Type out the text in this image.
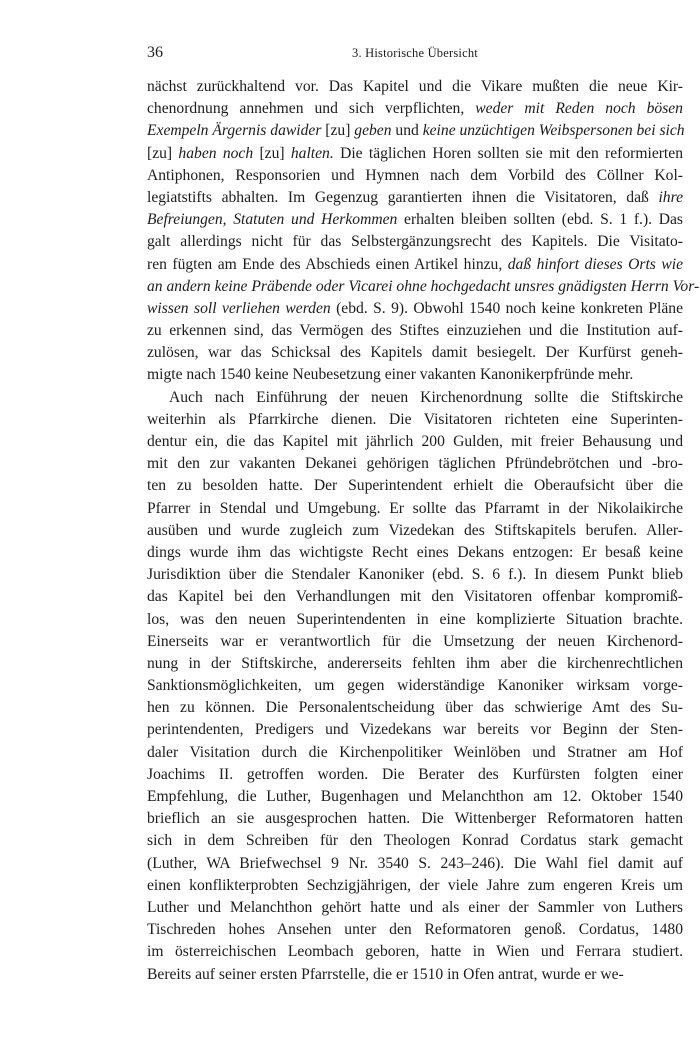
36	3. Historische Übersicht
nächst zurückhaltend vor. Das Kapitel und die Vikare mußten die neue Kir-
chenordnung annehmen und sich verpflichten, weder mit Reden noch bösen
Exempeln Ärgernis dawider [zu] geben und keine unzüchtigen Weibspersonen bei sich
[zu] haben noch [zu] halten. Die täglichen Horen sollten sie mit den reformierten
Antiphonen, Responsorien und Hymnen nach dem Vorbild des Cöllner Kol-
legiatstifts abhalten. Im Gegenzug garantierten ihnen die Visitatoren, daß ihre
Befreiungen, Statuten und Herkommen erhalten bleiben sollten (ebd. S. 1 f.). Das
galt allerdings nicht für das Selbstergänzungsrecht des Kapitels. Die Visitato-
ren fügten am Ende des Abschieds einen Artikel hinzu, daß hinfort dieses Orts wie
an andern keine Präbende oder Vicarei ohne hochgedacht unsres gnädigsten Herrn Vor-
wissen soll verliehen werden (ebd. S. 9). Obwohl 1540 noch keine konkreten Pläne
zu erkennen sind, das Vermögen des Stiftes einzuziehen und die Institution auf-
zulösen, war das Schicksal des Kapitels damit besiegelt. Der Kurfürst geneh-
migte nach 1540 keine Neubesetzung einer vakanten Kanonikerpfründe mehr.
Auch nach Einführung der neuen Kirchenordnung sollte die Stiftskirche
weiterhin als Pfarrkirche dienen. Die Visitatoren richteten eine Superinten-
dentur ein, die das Kapitel mit jährlich 200 Gulden, mit freier Behausung und
mit den zur vakanten Dekanei gehörigen täglichen Pfründebrötchen und -bro-
ten zu besolden hatte. Der Superintendent erhielt die Oberaufsicht über die
Pfarrer in Stendal und Umgebung. Er sollte das Pfarramt in der Nikolaikirche
ausüben und wurde zugleich zum Vizedekan des Stiftskapitels berufen. Aller-
dings wurde ihm das wichtigste Recht eines Dekans entzogen: Er besaß keine
Jurisdiktion über die Stendaler Kanoniker (ebd. S. 6 f.). In diesem Punkt blieb
das Kapitel bei den Verhandlungen mit den Visitatoren offenbar kompromiß-
los, was den neuen Superintendenten in eine komplizierte Situation brachte.
Einerseits war er verantwortlich für die Umsetzung der neuen Kirchenord-
nung in der Stiftskirche, andererseits fehlten ihm aber die kirchenrechtlichen
Sanktionsmöglichkeiten, um gegen widerständige Kanoniker wirksam vorge-
hen zu können. Die Personalentscheidung über das schwierige Amt des Su-
perintendenten, Predigers und Vizedekans war bereits vor Beginn der Sten-
daler Visitation durch die Kirchenpolitiker Weinlöben und Stratner am Hof
Joachims II. getroffen worden. Die Berater des Kurfürsten folgten einer
Empfehlung, die Luther, Bugenhagen und Melanchthon am 12. Oktober 1540
brieflich an sie ausgesprochen hatten. Die Wittenberger Reformatoren hatten
sich in dem Schreiben für den Theologen Konrad Cordatus stark gemacht
(Luther, WA Briefwechsel 9 Nr. 3540 S. 243–246). Die Wahl fiel damit auf
einen konflikterprobten Sechzigjährigen, der viele Jahre zum engeren Kreis um
Luther und Melanchthon gehört hatte und als einer der Sammler von Luthers
Tischreden hohes Ansehen unter den Reformatoren genoß. Cordatus, 1480
im österreichischen Leombach geboren, hatte in Wien und Ferrara studiert.
Bereits auf seiner ersten Pfarrstelle, die er 1510 in Ofen antrat, wurde er we-
